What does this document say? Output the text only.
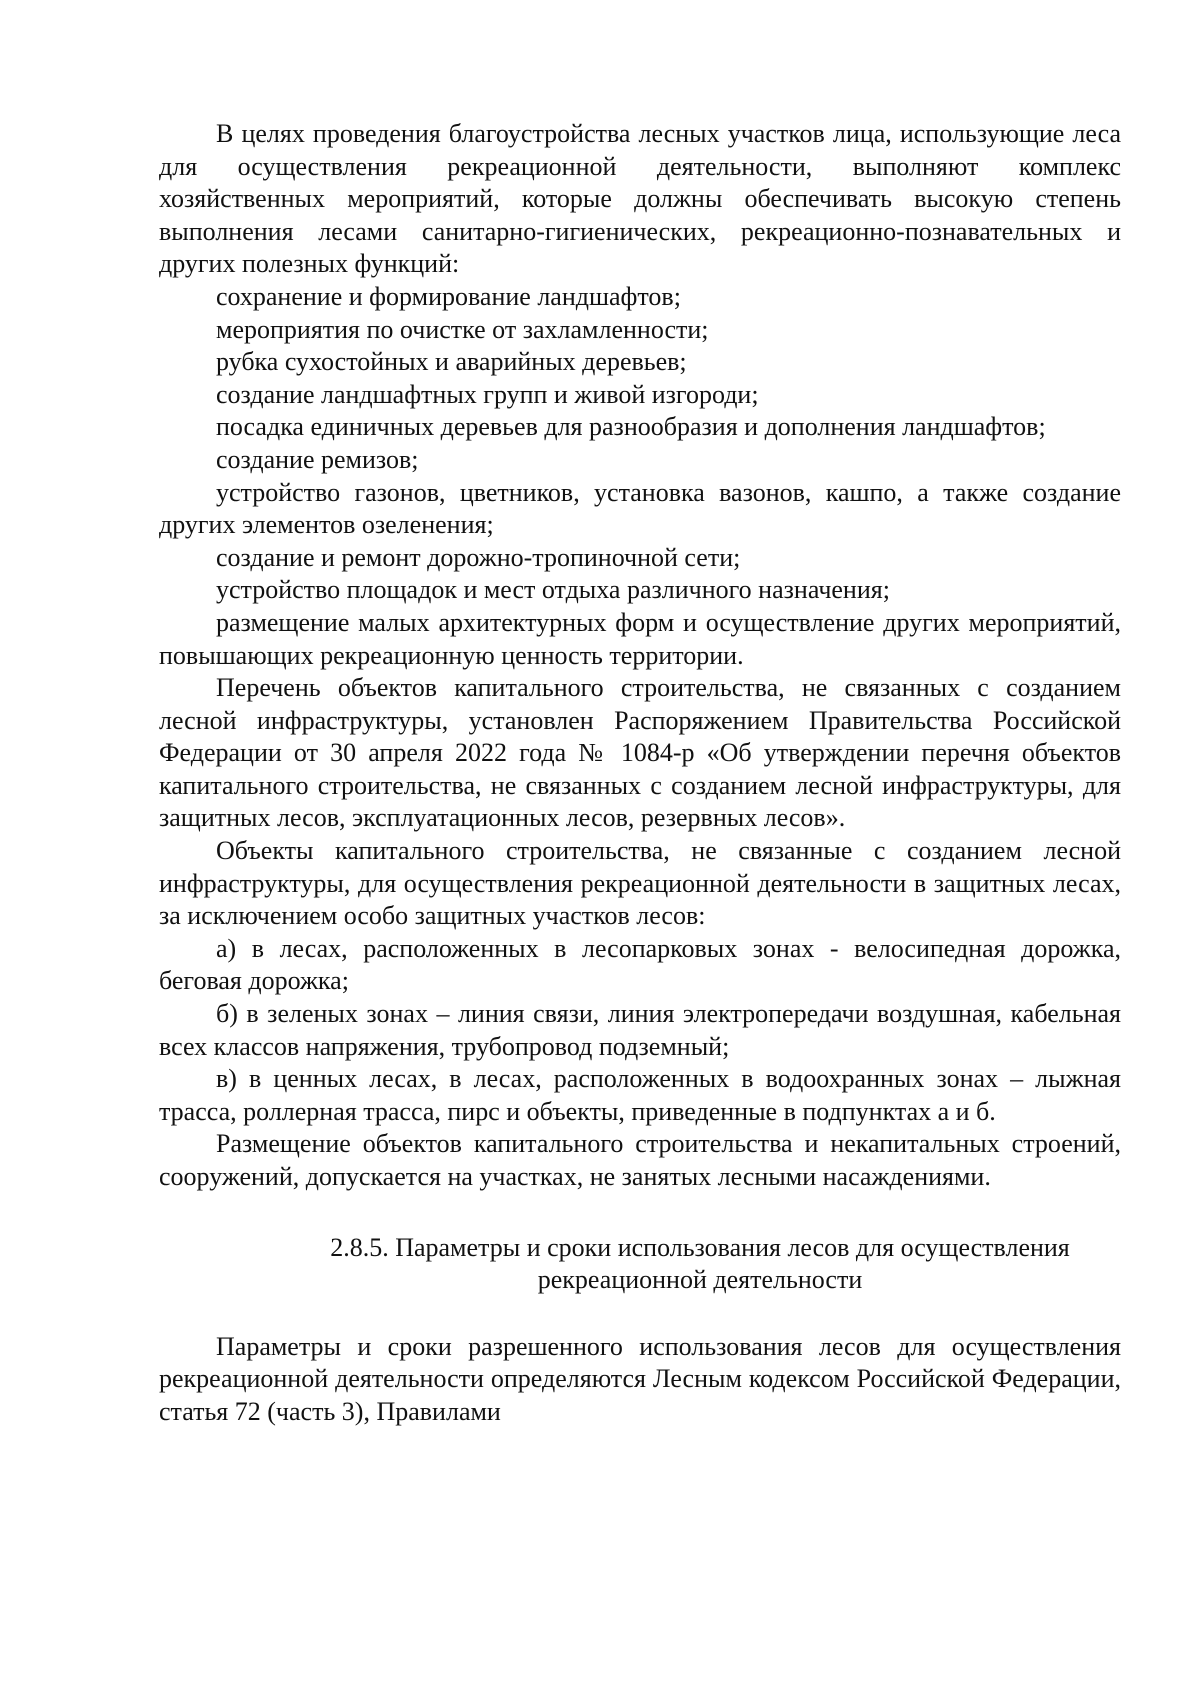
В целях проведения благоустройства лесных участков лица, использующие леса для осуществления рекреационной деятельности, выполняют комплекс хозяйственных мероприятий, которые должны обеспечивать высокую степень выполнения лесами санитарно-гигиенических, рекреационно-познавательных и других полезных функций:

сохранение и формирование ландшафтов;

мероприятия по очистке от захламленности;

рубка сухостойных и аварийных деревьев;

создание ландшафтных групп и живой изгороди;

посадка единичных деревьев для разнообразия и дополнения ландшафтов;

создание ремизов;

устройство газонов, цветников, установка вазонов, кашпо, а также создание других элементов озеленения;

создание и ремонт дорожно-тропиночной сети;

устройство площадок и мест отдыха различного назначения;

размещение малых архитектурных форм и осуществление других мероприятий, повышающих рекреационную ценность территории.

Перечень объектов капитального строительства, не связанных с созданием лесной инфраструктуры, установлен Распоряжением Правительства Российской Федерации от 30 апреля 2022 года № 1084-р «Об утверждении перечня объектов капитального строительства, не связанных с созданием лесной инфраструктуры, для защитных лесов, эксплуатационных лесов, резервных лесов».

Объекты капитального строительства, не связанные с созданием лесной инфраструктуры, для осуществления рекреационной деятельности в защитных лесах, за исключением особо защитных участков лесов:

а) в лесах, расположенных в лесопарковых зонах - велосипедная дорожка, беговая дорожка;

б) в зеленых зонах – линия связи, линия электропередачи воздушная, кабельная всех классов напряжения, трубопровод подземный;

в) в ценных лесах, в лесах, расположенных в водоохранных зонах – лыжная трасса, роллерная трасса, пирс и объекты, приведенные в подпунктах а и б.

Размещение объектов капитального строительства и некапитальных строений, сооружений, допускается на участках, не занятых лесными насаждениями.

2.8.5. Параметры и сроки использования лесов для осуществления
рекреационной деятельности

Параметры и сроки разрешенного использования лесов для осуществления рекреационной деятельности определяются Лесным кодексом Российской Федерации, статья 72 (часть 3), Правилами
